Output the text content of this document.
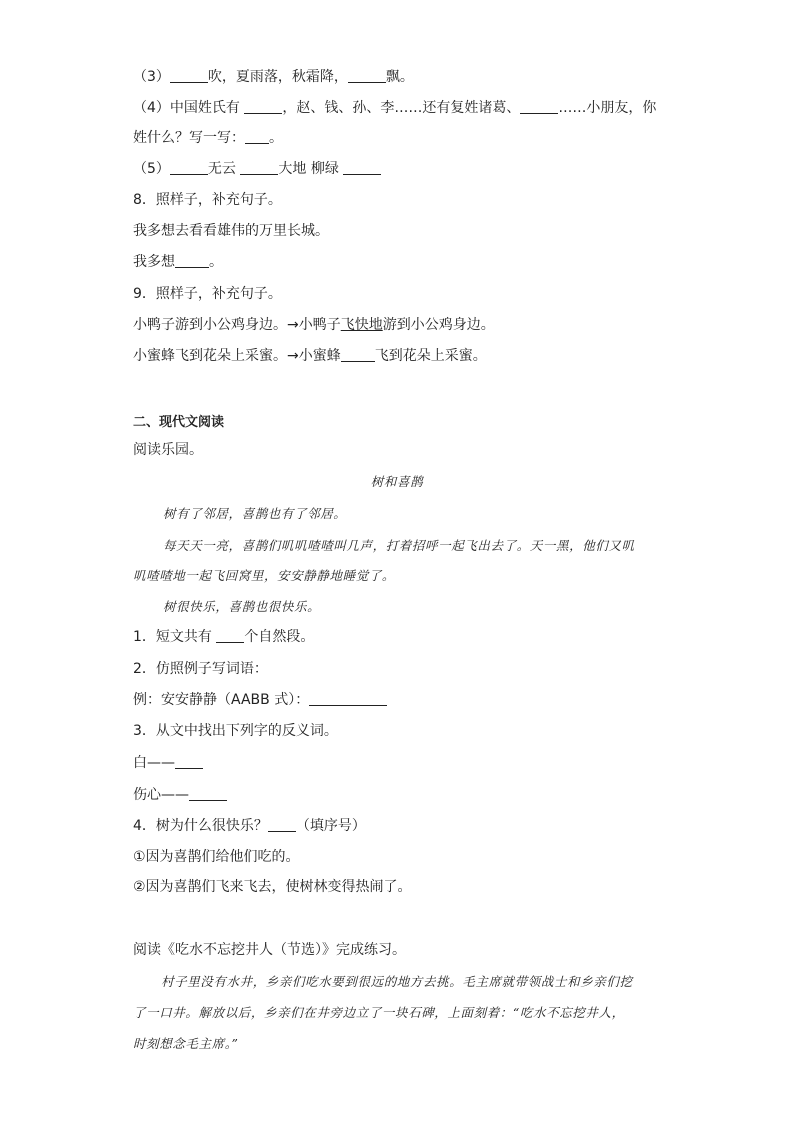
（3）	吹，夏雨落，秋霜降，	飘。
（4）中国姓氏有	，赵、钱、孙、李……还有复姓诸葛、	……小朋友，你
姓什么？写一写： 。
（5）	无云	大地 柳绿
8．照样子，补充句子。
我多想去看看雄伟的万里长城。
我多想 。
9．照样子，补充句子。
小鸭子游到小公鸡身边。→小鸭子飞快地游到小公鸡身边。
小蜜蜂飞到花朵上采蜜。→小蜜蜂 飞到花朵上采蜜。
二、现代文阅读
阅读乐园。
树和喜鹊
树有了邻居，喜鹊也有了邻居。
每天天一亮，喜鹊们叽叽喳喳叫几声，打着招呼一起飞出去了。天一黑，他们又叽
叽喳喳地一起飞回窝里，安安静静地睡觉了。
树很快乐，喜鹊也很快乐。
1．短文共有 个自然段。
2．仿照例子写词语：
例：安安静静（AABB 式）：
3．从文中找出下列字的反义词。
白——
伤心——
4．树为什么很快乐？ （填序号）
①因为喜鹊们给他们吃的。
②因为喜鹊们飞来飞去，使树林变得热闹了。
阅读《吃水不忘挖井人（节选）》完成练习。
村子里没有水井，乡亲们吃水要到很远的地方去挑。毛主席就带领战士和乡亲们挖
了一口井。解放以后，乡亲们在井旁边立了一块石碑，上面刻着：“吃水不忘挖井人，
时刻想念毛主席。”
